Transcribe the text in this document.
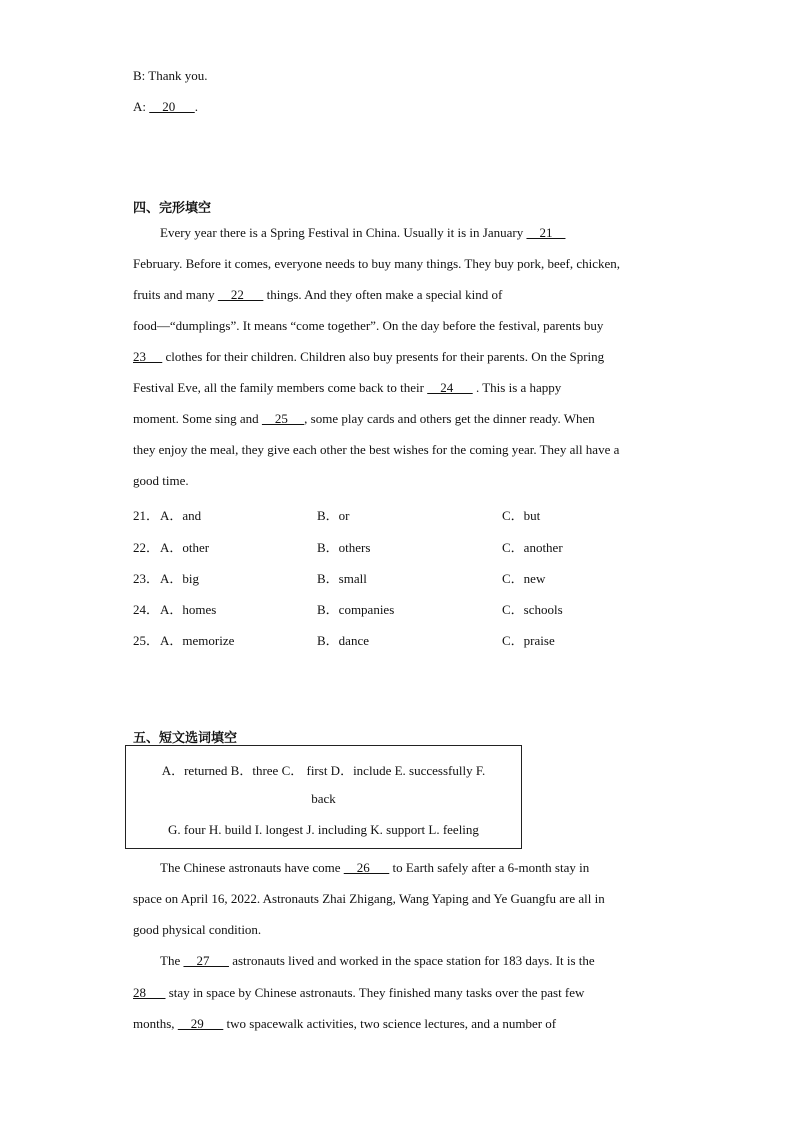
B: Thank you.
A:     20      .
四、完形填空
Every year there is a Spring Festival in China. Usually it is in January     21
February. Before it comes, everyone needs to buy many things. They buy pork, beef, chicken,
fruits and many     22       things. And they often make a special kind of
food—“dumplings”. It means “come together”. On the day before the festival, parents buy
23      clothes for their children. Children also buy presents for their parents. On the Spring
Festival Eve, all the family members come back to their     24       . This is a happy
moment. Some sing and     25     , some play cards and others get the dinner ready. When
they enjoy the meal, they give each other the best wishes for the coming year. They all have a
good time.
21． A．and	B．or	C．but
22． A．other	B．others	C．another
23． A．big	B．small	C．new
24． A．homes	B．companies	C．schools
25． A．memorize	B．dance	C．praise
五、短文选词填空
A．returned B．three C． first D．include E. successfully F.
back
G. four H. build I. longest J. including K. support L. feeling
The Chinese astronauts have come     26       to Earth safely after a 6-month stay in
space on April 16, 2022. Astronauts Zhai Zhigang, Wang Yaping and Ye Guangfu are all in
good physical condition.
The     27       astronauts lived and worked in the space station for 183 days. It is the
28       stay in space by Chinese astronauts. They finished many tasks over the past few
months,     29       two spacewalk activities, two science lectures, and a number of
